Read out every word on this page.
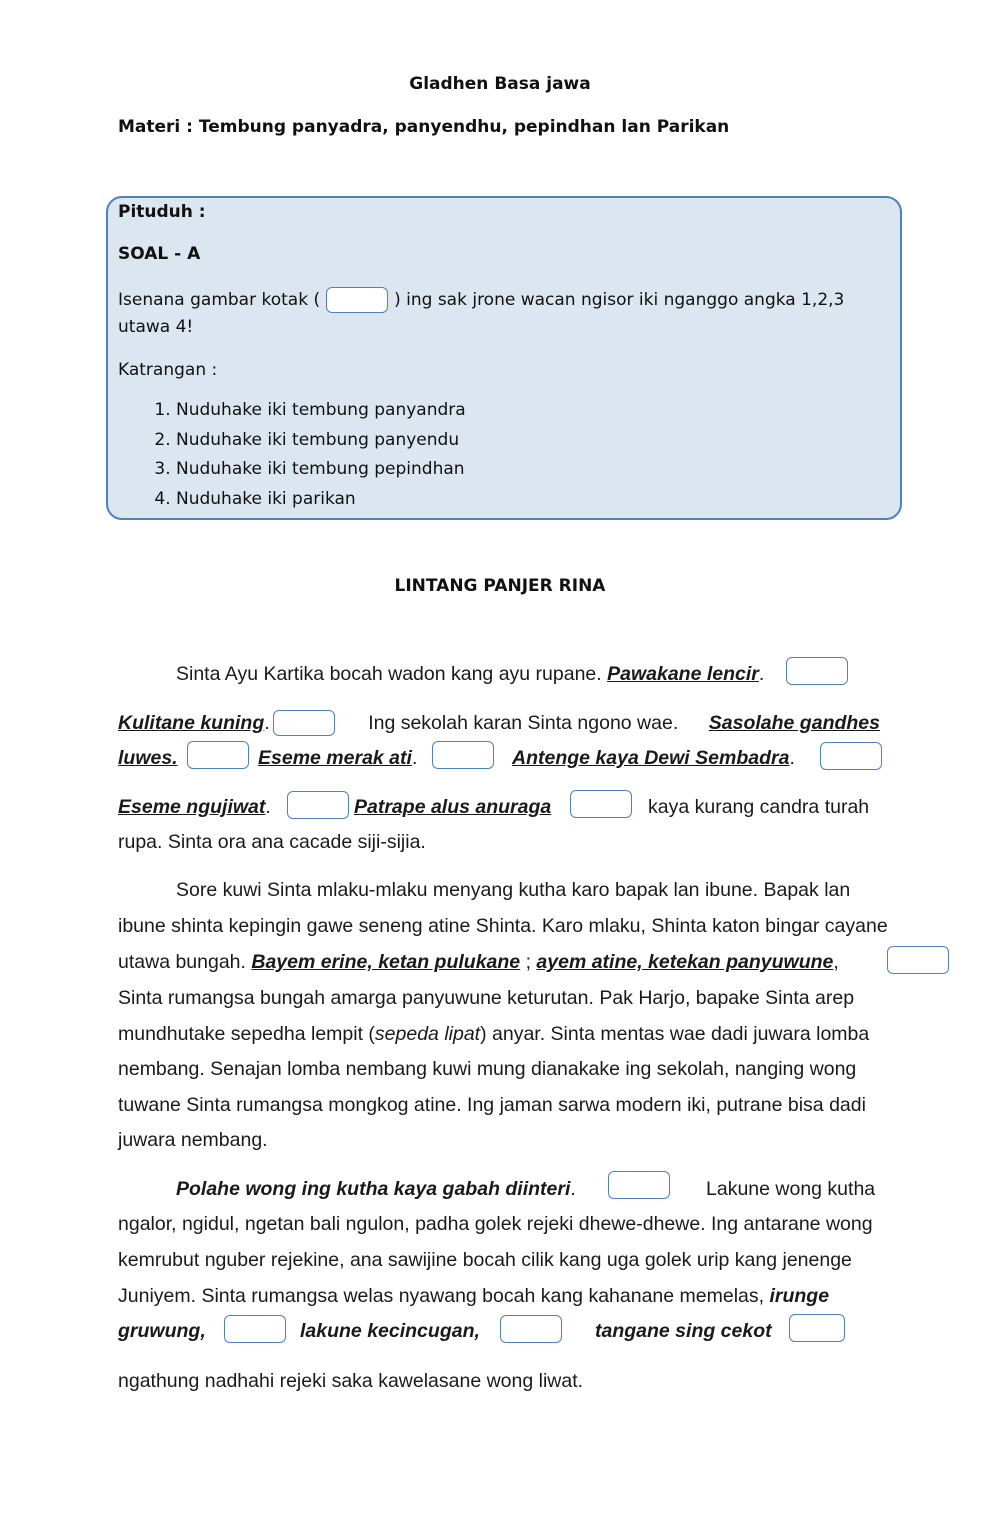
Gladhen Basa jawa
Materi : Tembung panyadra, panyendhu, pepindhan lan Parikan
Pituduh :
SOAL - A
Isenana gambar kotak (	) ing sak jrone wacan ngisor iki nganggo angka 1,2,3
utawa 4!
Katrangan :
1. Nuduhake iki tembung panyandra
2. Nuduhake iki tembung panyendu
3. Nuduhake iki tembung pepindhan
4. Nuduhake iki parikan
LINTANG PANJER RINA
Sinta Ayu Kartika bocah wadon kang ayu rupane. Pawakane lencir.
Kulitane kuning.	Ing sekolah karan Sinta ngono wae. Sasolahe gandhes
luwes.	Eseme merak ati.	Antenge kaya Dewi Sembadra.
Eseme ngujiwat.	Patrape alus anuraga	kaya kurang candra turah
rupa. Sinta ora ana cacade siji-sijia.
Sore kuwi Sinta mlaku-mlaku menyang kutha karo bapak lan ibune. Bapak lan
ibune shinta kepingin gawe seneng atine Shinta. Karo mlaku, Shinta katon bingar cayane
utawa bungah. Bayem erine, ketan pulukane ; ayem atine, ketekan panyuwune,
Sinta rumangsa bungah amarga panyuwune keturutan. Pak Harjo, bapake Sinta arep
mundhutake sepedha lempit (sepeda lipat) anyar. Sinta mentas wae dadi juwara lomba
nembang. Senajan lomba nembang kuwi mung dianakake ing sekolah, nanging wong
tuwane Sinta rumangsa mongkog atine. Ing jaman sarwa modern iki, putrane bisa dadi
juwara nembang.
Polahe wong ing kutha kaya gabah diinteri.	Lakune wong kutha
ngalor, ngidul, ngetan bali ngulon, padha golek rejeki dhewe-dhewe. Ing antarane wong
kemrubut nguber rejekine, ana sawijine bocah cilik kang uga golek urip kang jenenge
Juniyem. Sinta rumangsa welas nyawang bocah kang kahanane memelas, irunge
gruwung,	lakune kecincugan,	tangane sing cekot
ngathung nadhahi rejeki saka kawelasane wong liwat.
